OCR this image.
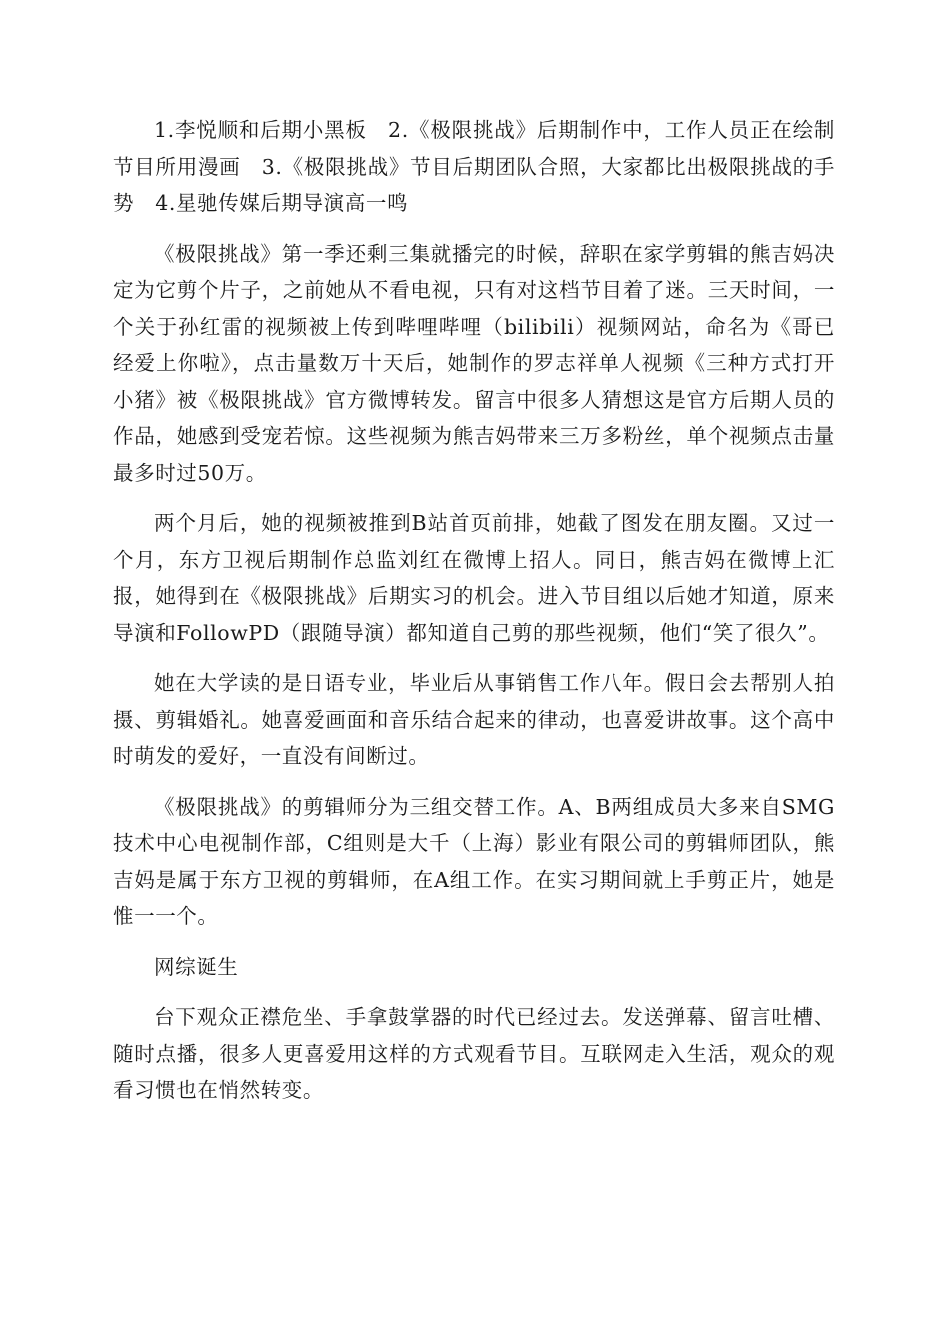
1.李悦顺和后期小黑板　2.《极限挑战》后期制作中，工作人员正在绘制节目所用漫画　3.《极限挑战》节目后期团队合照，大家都比出极限挑战的手势　4.星驰传媒后期导演高一鸣

《极限挑战》第一季还剩三集就播完的时候，辞职在家学剪辑的熊吉妈决定为它剪个片子，之前她从不看电视，只有对这档节目着了迷。三天时间，一个关于孙红雷的视频被上传到哔哩哔哩（bilibili）视频网站，命名为《哥已经爱上你啦》，点击量数万十天后，她制作的罗志祥单人视频《三种方式打开小猪》被《极限挑战》官方微博转发。留言中很多人猜想这是官方后期人员的作品，她感到受宠若惊。这些视频为熊吉妈带来三万多粉丝，单个视频点击量最多时过50万。

两个月后，她的视频被推到B站首页前排，她截了图发在朋友圈。又过一个月，东方卫视后期制作总监刘红在微博上招人。同日，熊吉妈在微博上汇报，她得到在《极限挑战》后期实习的机会。进入节目组以后她才知道，原来导演和FollowPD（跟随导演）都知道自己剪的那些视频，他们“笑了很久”。

她在大学读的是日语专业，毕业后从事销售工作八年。假日会去帮别人拍摄、剪辑婚礼。她喜爱画面和音乐结合起来的律动，也喜爱讲故事。这个高中时萌发的爱好，一直没有间断过。

《极限挑战》的剪辑师分为三组交替工作。A、B两组成员大多来自SMG技术中心电视制作部，C组则是大千（上海）影业有限公司的剪辑师团队，熊吉妈是属于东方卫视的剪辑师，在A组工作。在实习期间就上手剪正片，她是惟一一个。

网综诞生

台下观众正襟危坐、手拿鼓掌器的时代已经过去。发送弹幕、留言吐槽、随时点播，很多人更喜爱用这样的方式观看节目。互联网走入生活，观众的观看习惯也在悄然转变。
